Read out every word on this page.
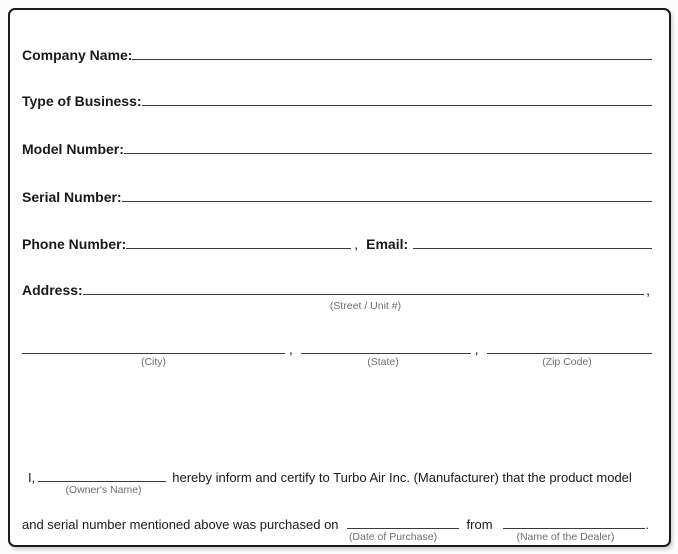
Company Name:
Type of Business:
Model Number:
Serial Number:
Phone Number:	, Email:
Address:	,
(Street / Unit #)
,	,
(City)	(State)	(Zip Code)
I,	hereby inform and certify to Turbo Air Inc. (Manufacturer) that the product model
(Owner's Name)
and serial number mentioned above was purchased on	from	.
(Date of Purchase)	(Name of the Dealer)
